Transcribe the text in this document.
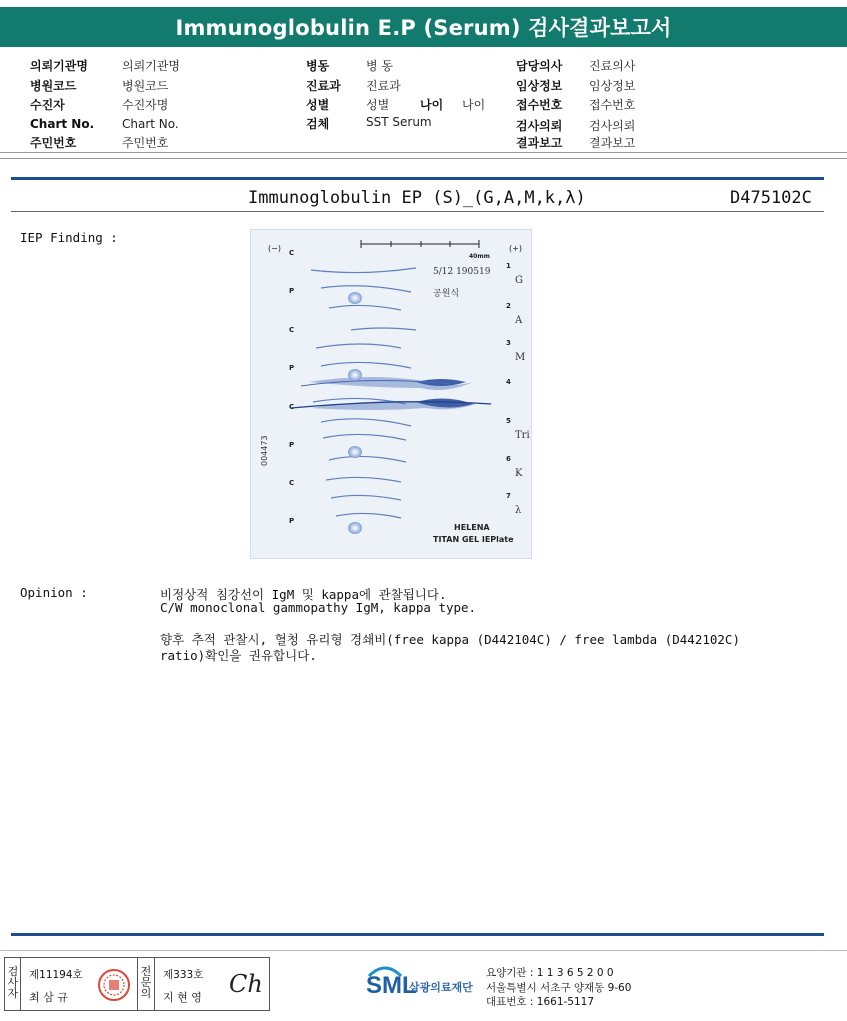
Immunoglobulin E.P (Serum) 검사결과보고서
의뢰기관명	의뢰기관명
병원코드	병원코드
수진자	수진자명
Chart No. Chart No.
주민번호	주민번호
병동	병 동
진료과 진료과
성별	성별	나이 나이
검체	SST Serum
담당의사 진료의사
임상정보 임상정보
접수번호 접수번호
검사의뢰 검사의뢰
결과보고 결과보고
Immunoglobulin EP (S)_(G,A,M,k,λ)	D475102C
IEP Finding :
40mm
(−)	(+)
5/12 190519
공원식
004473
C
P
C
P
C
P
C
P
1
2
3
4
5
6
7
G
A
M
Tri
K
λ
HELENA
TITAN GEL IEPlate
Opinion :	비정상적 침강선이 IgM 및 kappa에 관찰됩니다.
C/W monoclonal gammopathy IgM, kappa type.
향후 추적 관찰시, 혈청 유리형 경쇄비(free kappa (D442104C) / free lambda (D442102C)
ratio)확인을 권유합니다.
검
사
자
제11194호
최 삼 규
전
문
의
제333호
지 현 영 Ch	SML
삼광의료재단
요양기관 : 1 1 3 6 5 2 0 0
서울특별시 서초구 양재동 9-60
대표번호 : 1661-5117
